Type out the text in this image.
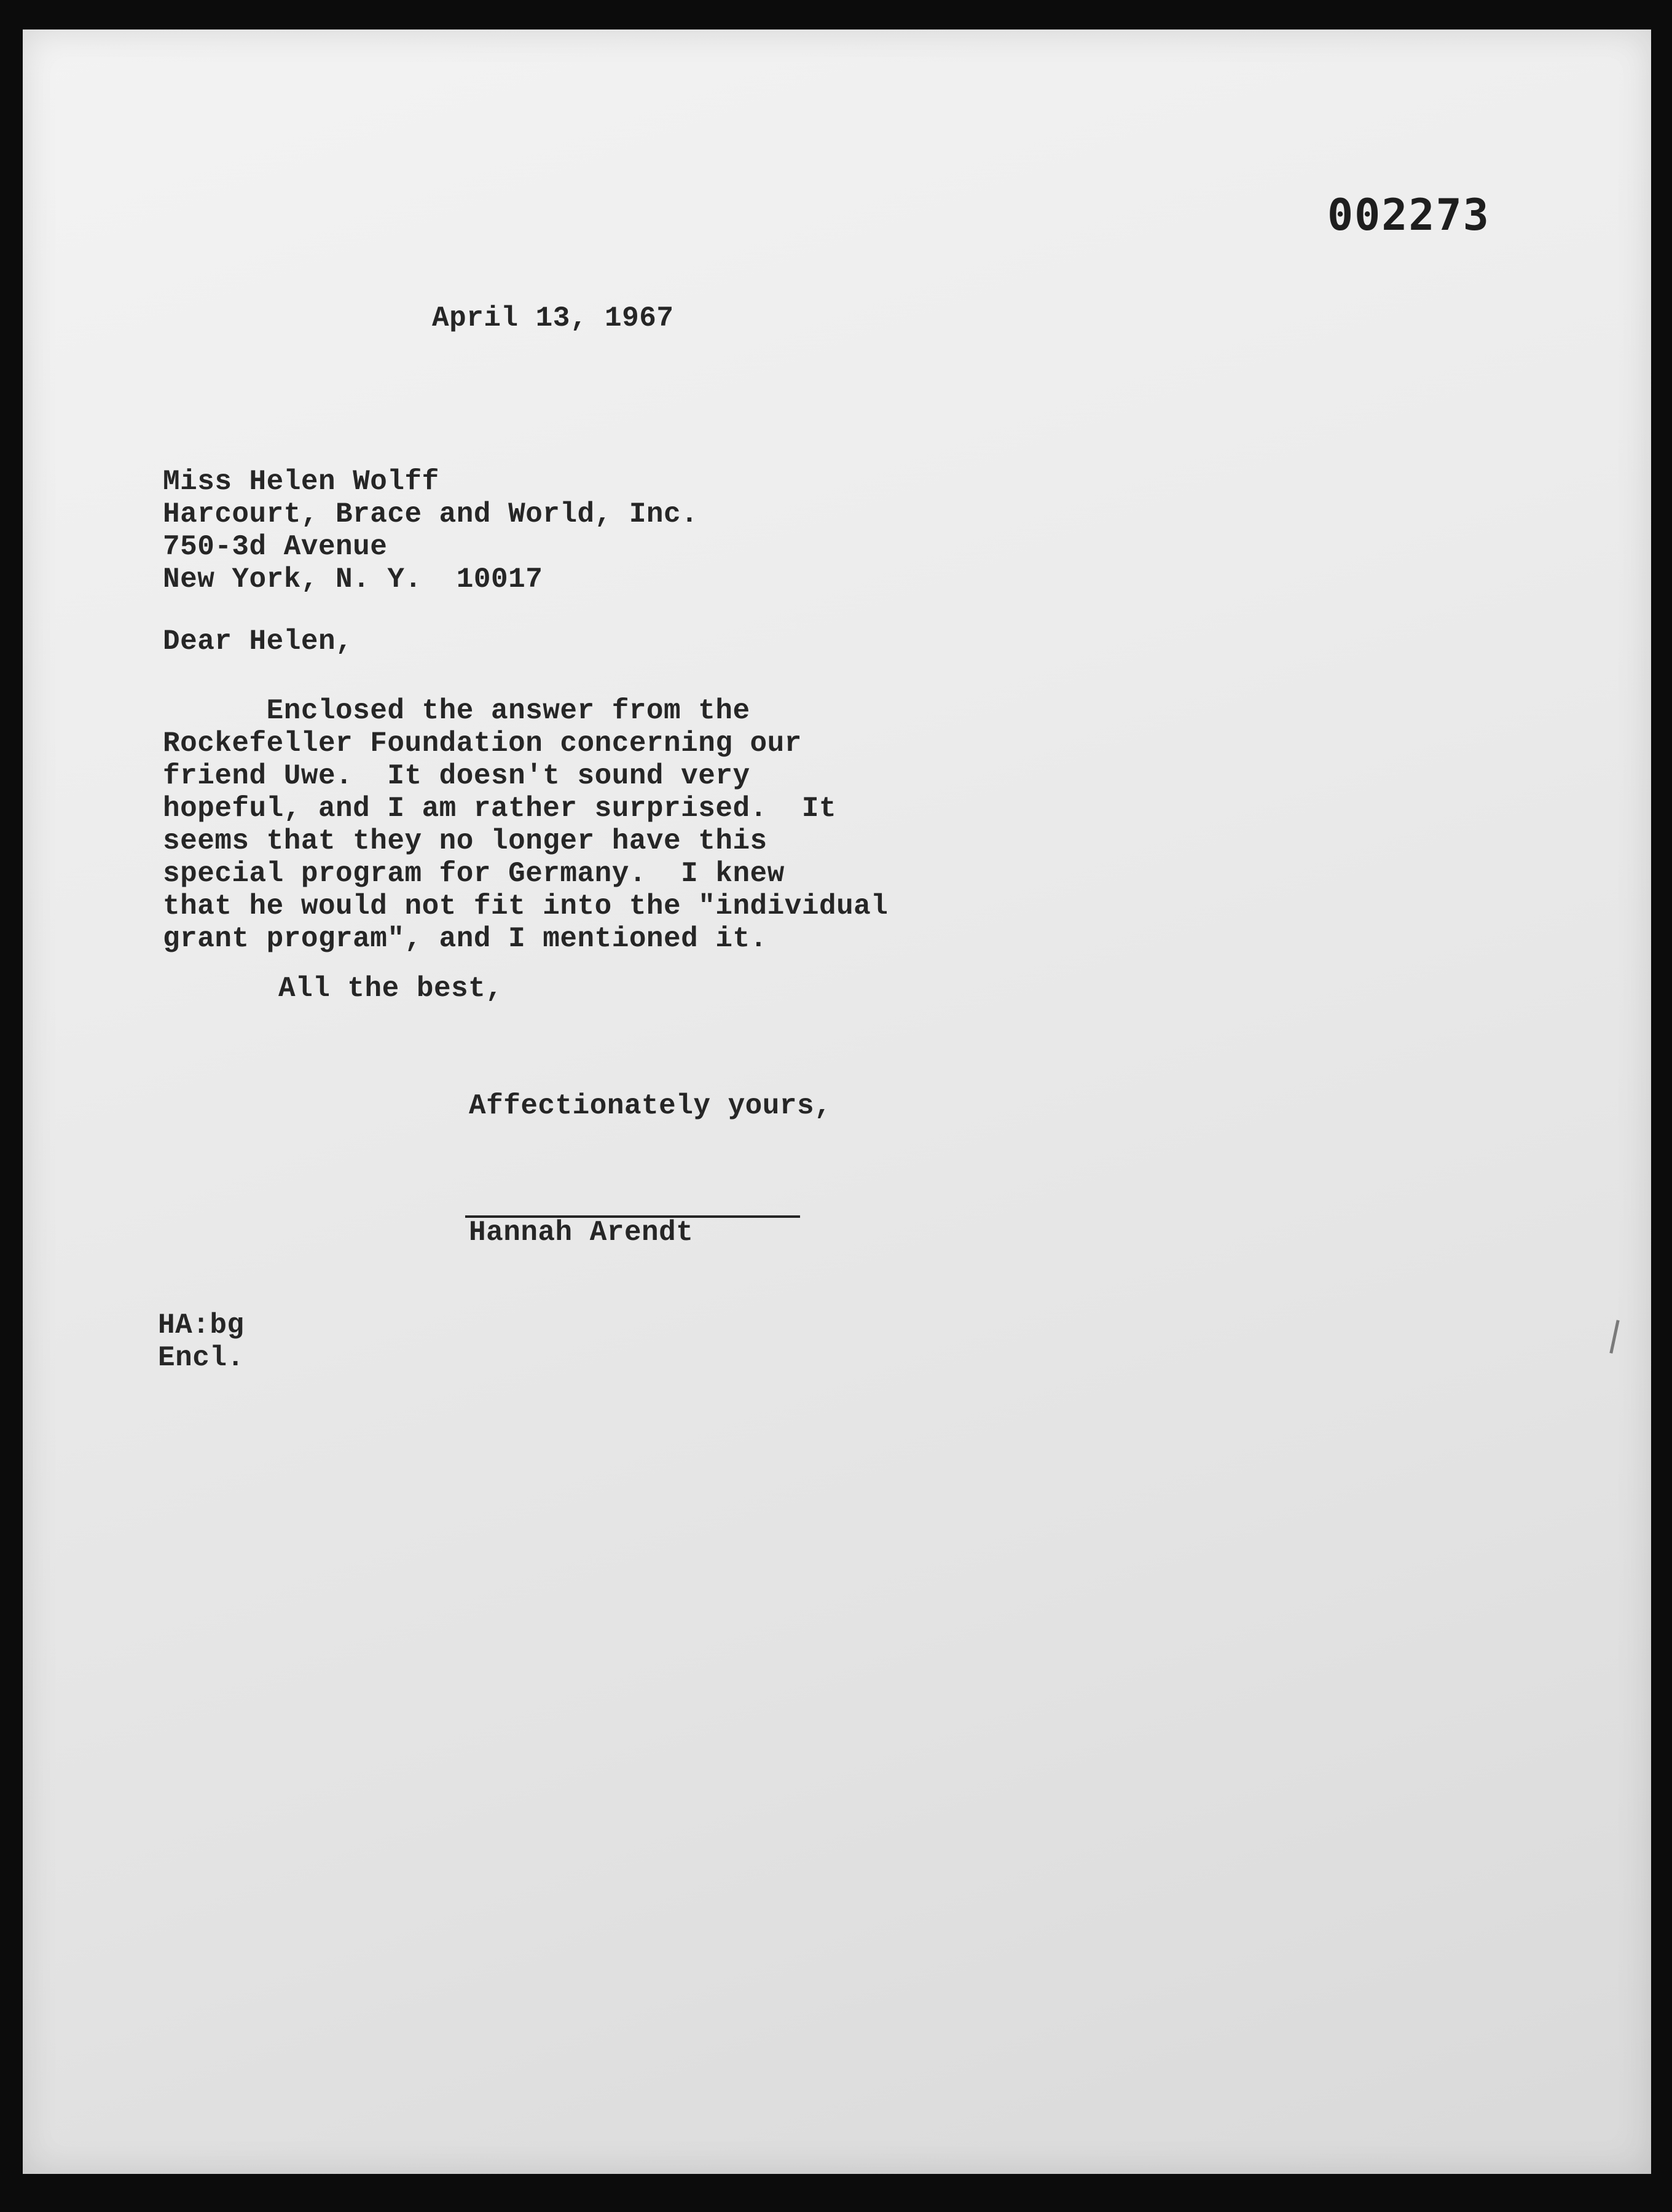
002273

April 13, 1967

Miss Helen Wolff
Harcourt, Brace and World, Inc.
750-3d Avenue
New York, N. Y.  10017

Dear Helen,

Enclosed the answer from the
Rockefeller Foundation concerning our
friend Uwe.  It doesn't sound very
hopeful, and I am rather surprised.  It
seems that they no longer have this
special program for Germany.  I knew
that he would not fit into the "individual
grant program", and I mentioned it.

All the best,

Affectionately yours,

Hannah Arendt

HA:bg
Encl.
